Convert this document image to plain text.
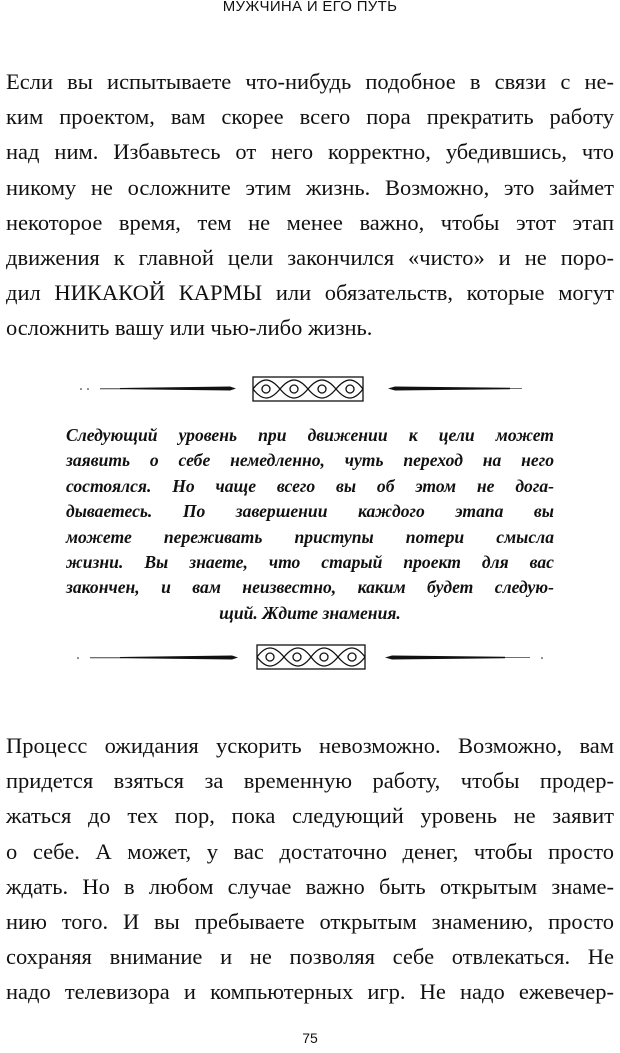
МУЖЧИНА И ЕГО ПУТЬ
Если вы испытываете что-нибудь подобное в связи с не-
ким проектом, вам скорее всего пора прекратить работу
над ним. Избавьтесь от него корректно, убедившись, что
никому не осложните этим жизнь. Возможно, это займет
некоторое время, тем не менее важно, чтобы этот этап
движения к главной цели закончился «чисто» и не поро-
дил НИКАКОЙ КАРМЫ или обязательств, которые могут
осложнить вашу или чью-либо жизнь.
Следующий уровень при движении к цели может
заявить о себе немедленно, чуть переход на него
состоялся. Но чаще всего вы об этом не дога-
дываетесь. По завершении каждого этапа вы
можете переживать приступы потери смысла
жизни. Вы знаете, что старый проект для вас
закончен, и вам неизвестно, каким будет следую-
щий. Ждите знамения.
Процесс ожидания ускорить невозможно. Возможно, вам
придется взяться за временную работу, чтобы продер-
жаться до тех пор, пока следующий уровень не заявит
о себе. А может, у вас достаточно денег, чтобы просто
ждать. Но в любом случае важно быть открытым знаме-
нию того. И вы пребываете открытым знамению, просто
сохраняя внимание и не позволяя себе отвлекаться. Не
надо телевизора и компьютерных игр. Не надо ежевечер-
75
